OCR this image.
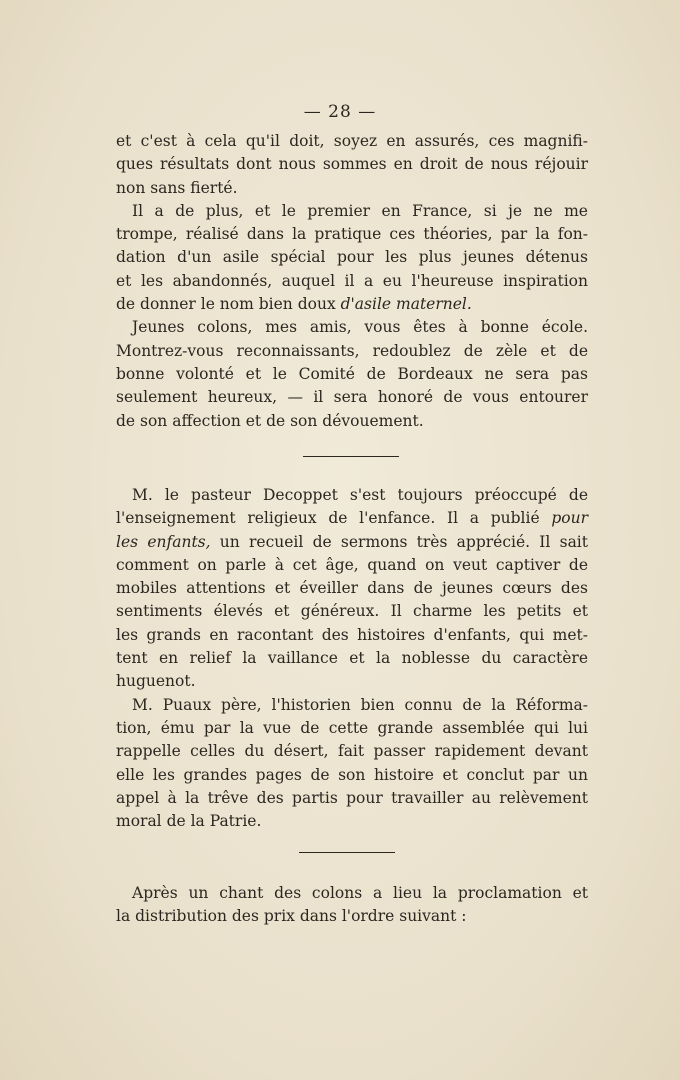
— 28 —
et c'est à cela qu'il doit, soyez en assurés, ces magnifi-
ques résultats dont nous sommes en droit de nous réjouir
non sans fierté.
Il a de plus, et le premier en France, si je ne me
trompe, réalisé dans la pratique ces théories, par la fon-
dation d'un asile spécial pour les plus jeunes détenus
et les abandonnés, auquel il a eu l'heureuse inspiration
de donner le nom bien doux d'asile maternel.
Jeunes colons, mes amis, vous êtes à bonne école.
Montrez-vous reconnaissants, redoublez de zèle et de
bonne volonté et le Comité de Bordeaux ne sera pas
seulement heureux, — il sera honoré de vous entourer
de son affection et de son dévouement.
M. le pasteur Decoppet s'est toujours préoccupé de
l'enseignement religieux de l'enfance. Il a publié pour
les enfants, un recueil de sermons très apprécié. Il sait
comment on parle à cet âge, quand on veut captiver de
mobiles attentions et éveiller dans de jeunes cœurs des
sentiments élevés et généreux. Il charme les petits et
les grands en racontant des histoires d'enfants, qui met-
tent en relief la vaillance et la noblesse du caractère
huguenot.
M. Puaux père, l'historien bien connu de la Réforma-
tion, ému par la vue de cette grande assemblée qui lui
rappelle celles du désert, fait passer rapidement devant
elle les grandes pages de son histoire et conclut par un
appel à la trêve des partis pour travailler au relèvement
moral de la Patrie.
Après un chant des colons a lieu la proclamation et
la distribution des prix dans l'ordre suivant :
